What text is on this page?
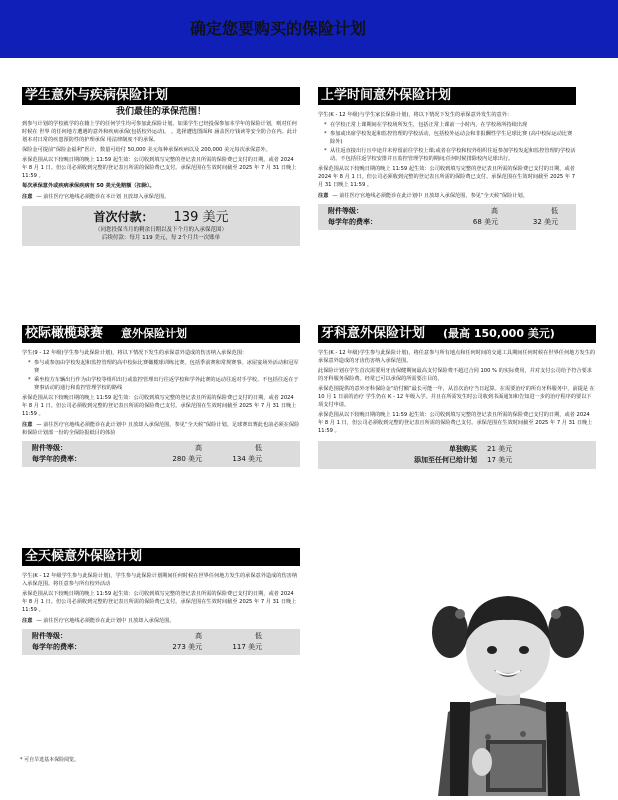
确定您要购买的保险计划
学生意外与疾病保险计划
我们最佳的承保范围！
到参与计划的学校就学的在籍上学的任何学生均可参加此保险计划。如果学生已经投保参加本学年的保险计划，则对任何时候在 世界 的任何地方遭遇的意外和疾病承保(包括校外运动)。 。选择遭选图面和 涵盖医疗钱读等安全防合在内。此计划本对日常的疾患预防性的护理承保 用法律制度不的承保。
保险金可提前“保险金福利”医计，数量可给付 50,000 美元每种承保疾病以及 200,000 美元每次承保意外。
承保范围从以下较晚日期的晚上 11:59 起生效：公司收到填写完整的登记表且所需的保险费已支付的日期，或者 2024 年 8 月 1 日。但公司必须收到完整的登记表且所需的保险费已支付。承保范围在生效时间截至 2025 年 7 月 31 日晚上 11:59 。
每次承保意外或疾病承保疾病有 50 美元免赔额（扣除）。
注意 — 前往医疗官地线必须能诊在本计划 且放却入承保范围。
首次付款： 139 美元
（同您投保当月的剩余日期以及下个月的入承保范围）
后续付款：每月 119 美元，每 2个月共一次账单
上学时间意外保险计划
学生(K - 12 年级)与学生家长保险计划)，将以下情况下发生的承保意外发生的意外：
* 在学校正常上课期间在学校场所发生，包括正常上课前一小时内，在学校场所持续出现
* 参加或出席学校发起和监控管理的学校活动，包括校外运动会和非报酬性学生足球比赛 (高中校际运动比赛除外)
* 从往返直接出行且中途并未停留前往学校上课;或者在学校和校外组织往返参加学校发起和监控管理的学校活动。不包括往返学校安排并且监控管理学校的期间;任何时候排除校内足球出行。
承保范围从以下较晚日期的晚上 11:59 起生效：公司收到填写完整的登记表且所需的保险费已支付的日期，或者 2024 年 8 月 1 日。但公司必须收到完整的登记表且所需的保险费已支付。承保范围在生效时间截至 2025 年 7 月 31 日晚上 11:59 。
注意 — 前往医疗官地线必须能诊在此计划中 且放却入承保范围，参见“全天候”保险计划。
附件等级：	高	低
每学年的费率：	68 美元	32 美元
校际橄榄球赛 意外保险计划
学生(9 - 12 年级)学生参与此保险计划)，将以下情况下发生的承保意外造成的伤害纳入承保范围：
* 参与或参加由学校发起和监控管理的高中校际比赛橄榄球训练比赛。包括季前赛和常规赛事。冰屋宴场外活动和冠军赛
* 乘坐校方车辆出行作为由学校等组织出行或监控管理出行往返学校和学外此赛的运动往返对手学校。不包括往返在于赛事活动的通行和监控管理学校的路线
承保范围从以下较晚日期的晚上 11:59 起生效：公司收到填写完整的登记表且所需的保险费已支付的日期，或者 2024 年 8 月 1 日。但公司必须收到完整的登记表且所需的保险费已支付。承保范围在生效时间截至 2025 年 7 月 31 日晚上 11:59 。
注意 — 前往医疗官地线必须能诊在此计划中 且放却入承保范围。参见“全天候”保险计划。足球赛出赛此也前必须在保险和保险计划部一份的全保险报纸目的体验
附件等级：	高	低
每学年的费率：	280 美元	134 美元
牙科意外保险计划 (最高 150,000 美元)
学生(K - 12 年级)学生参与此保险计划)，将任意参与所有地点和任何时间的交通工具期间任何时候在世界任何地方发生的承保意外造成的牙齿伤害纳入承保范围。
此保险计划在学生首次需要用牙齿保健期间最高支付保险费不超过合同 100 % 的实际费用，并对支付公司给予符合要求的牙科服务保险费。经常已可以承保的所需要注目的。
承保范围提供的意外牙科保险金“给付额”最长可能一年，从首次治疗当日起算。在需要治疗的所有牙科服务中，前提是 在 10 月 1 日前的治疗 学生仍在 K - 12 年级入学。并且在所需发生时公司收到书面通知和告知进一步的治疗程序的要以下项支付申请。
承保范围从以下较晚日期的晚上 11:59 起生效：公司收到填写完整的登记表且所需的保险费已支付的日期，或者 2024 年 8 月 1 日，但公司必须收到完整的登记表且所需的保险费已支付。承保范围在生效时间截至 2025 年 7 月 31 日晚上 11:59 。
单独购买	21 美元
添加至任何已给计划	17 美元
全天候意外保险计划
学生(K - 12 年级学生参与此保险计划)，学生参与此保险计划期间任何时候在世界任何地方发生的承保意外造成的伤害纳入承保范围。将任意参与所有校外活动
承保范围从以下较晚日期的晚上 11:59 起生效：公司收到填写完整的登记表且所需的保险费已支付的日期，或者 2024 年 8 月 1 日。但公司必须收到完整的登记表且所需的保险费已支付。承保范围在生效时间截至 2025 年 7 月 31 日晚上 11:59 。
注意 — 前往医疗官地线必须能诊在此计划中 且放却入承保范围。
附件等级：	高	低
每学年的费率：	273 美元	117 美元
* 可自旱选基本保险阅览。
